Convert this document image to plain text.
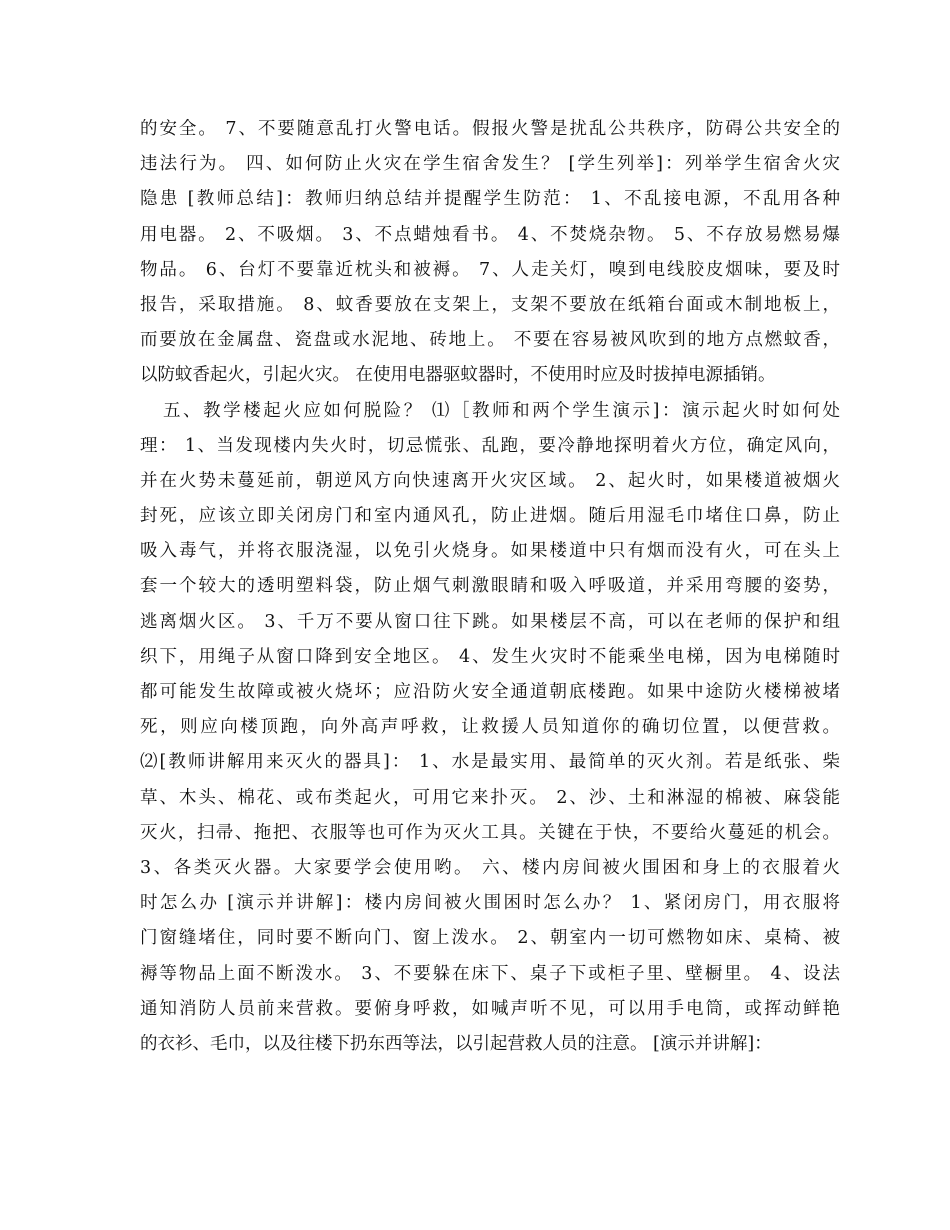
的安全。 7、不要随意乱打火警电话。假报火警是扰乱公共秩序，防碍公共安全的
违法行为。 四、如何防止火灾在学生宿舍发生？ [学生列举]：列举学生宿舍火灾
隐患 [教师总结]：教师归纳总结并提醒学生防范： 1、不乱接电源，不乱用各种
用电器。 2、不吸烟。 3、不点蜡烛看书。 4、不焚烧杂物。 5、不存放易燃易爆
物品。 6、台灯不要靠近枕头和被褥。 7、人走关灯，嗅到电线胶皮烟味，要及时
报告，采取措施。 8、蚊香要放在支架上，支架不要放在纸箱台面或木制地板上，
而要放在金属盘、瓷盘或水泥地、砖地上。 不要在容易被风吹到的地方点燃蚊香，
以防蚊香起火，引起火灾。 在使用电器驱蚊器时，不使用时应及时拔掉电源插销。
五、教学楼起火应如何脱险？ ⑴［教师和两个学生演示]：演示起火时如何处
理： 1、当发现楼内失火时，切忌慌张、乱跑，要冷静地探明着火方位，确定风向，
并在火势未蔓延前，朝逆风方向快速离开火灾区域。 2、起火时，如果楼道被烟火
封死，应该立即关闭房门和室内通风孔，防止进烟。随后用湿毛巾堵住口鼻，防止
吸入毒气，并将衣服浇湿，以免引火烧身。如果楼道中只有烟而没有火，可在头上
套一个较大的透明塑料袋，防止烟气刺激眼睛和吸入呼吸道，并采用弯腰的姿势，
逃离烟火区。 3、千万不要从窗口往下跳。如果楼层不高，可以在老师的保护和组
织下，用绳子从窗口降到安全地区。 4、发生火灾时不能乘坐电梯，因为电梯随时
都可能发生故障或被火烧坏；应沿防火安全通道朝底楼跑。如果中途防火楼梯被堵
死，则应向楼顶跑，向外高声呼救，让救援人员知道你的确切位置，以便营救。
⑵[教师讲解用来灭火的器具]： 1、水是最实用、最简单的灭火剂。若是纸张、柴
草、木头、棉花、或布类起火，可用它来扑灭。 2、沙、土和淋湿的棉被、麻袋能
灭火，扫帚、拖把、衣服等也可作为灭火工具。关键在于快，不要给火蔓延的机会。
3、各类灭火器。大家要学会使用哟。 六、楼内房间被火围困和身上的衣服着火
时怎么办 [演示并讲解]：楼内房间被火围困时怎么办？ 1、紧闭房门，用衣服将
门窗缝堵住，同时要不断向门、窗上泼水。 2、朝室内一切可燃物如床、桌椅、被
褥等物品上面不断泼水。 3、不要躲在床下、桌子下或柜子里、壁橱里。 4、设法
通知消防人员前来营救。要俯身呼救，如喊声听不见，可以用手电筒，或挥动鲜艳
的衣衫、毛巾，以及往楼下扔东西等法，以引起营救人员的注意。 [演示并讲解]：
